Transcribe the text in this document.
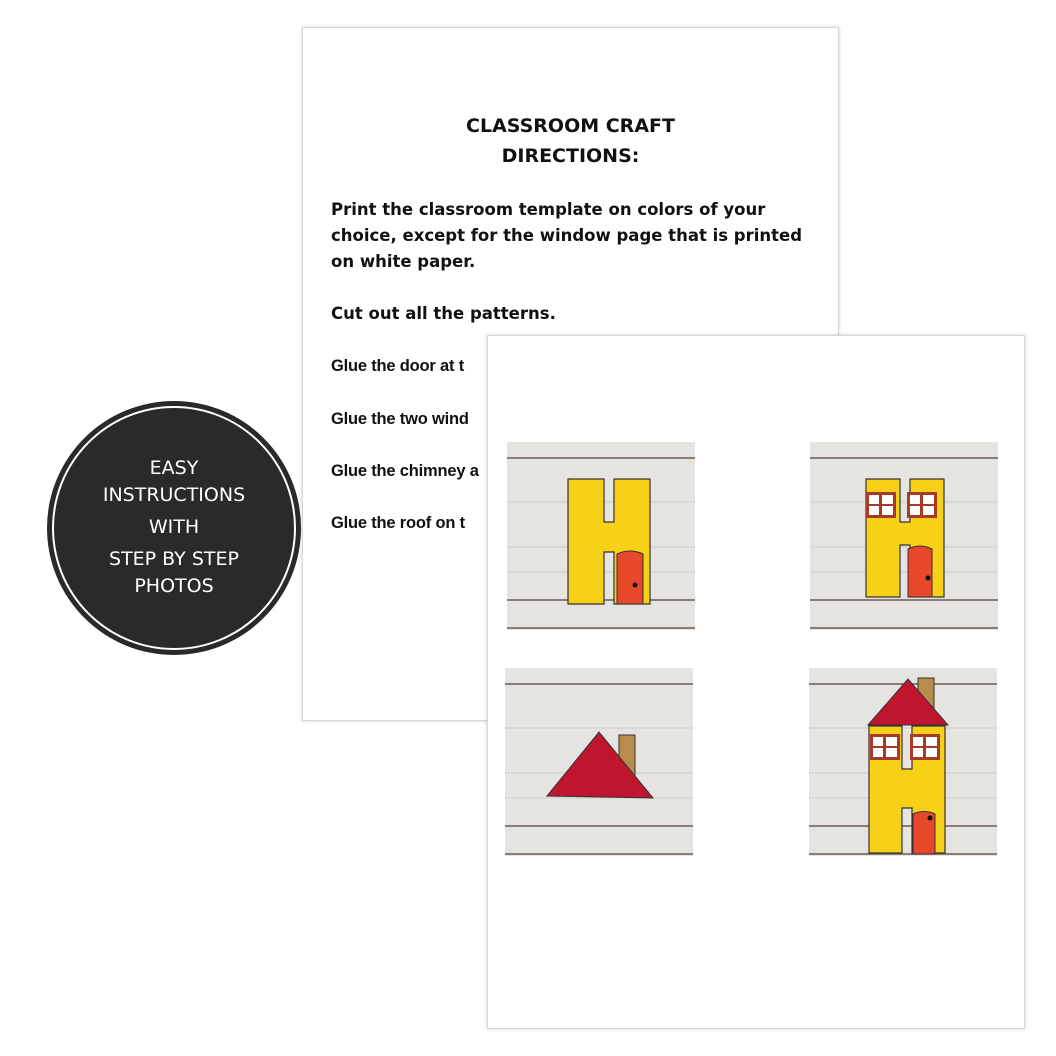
CLASSROOM CRAFT
DIRECTIONS:
Print the classroom template on colors of your choice, except for the window page that is printed on white paper.
Cut out all the patterns.
Glue the door at t
Glue the two wind
Glue the chimney a
Glue the roof on t
EASY
INSTRUCTIONS
WITH
STEP BY STEP
PHOTOS
